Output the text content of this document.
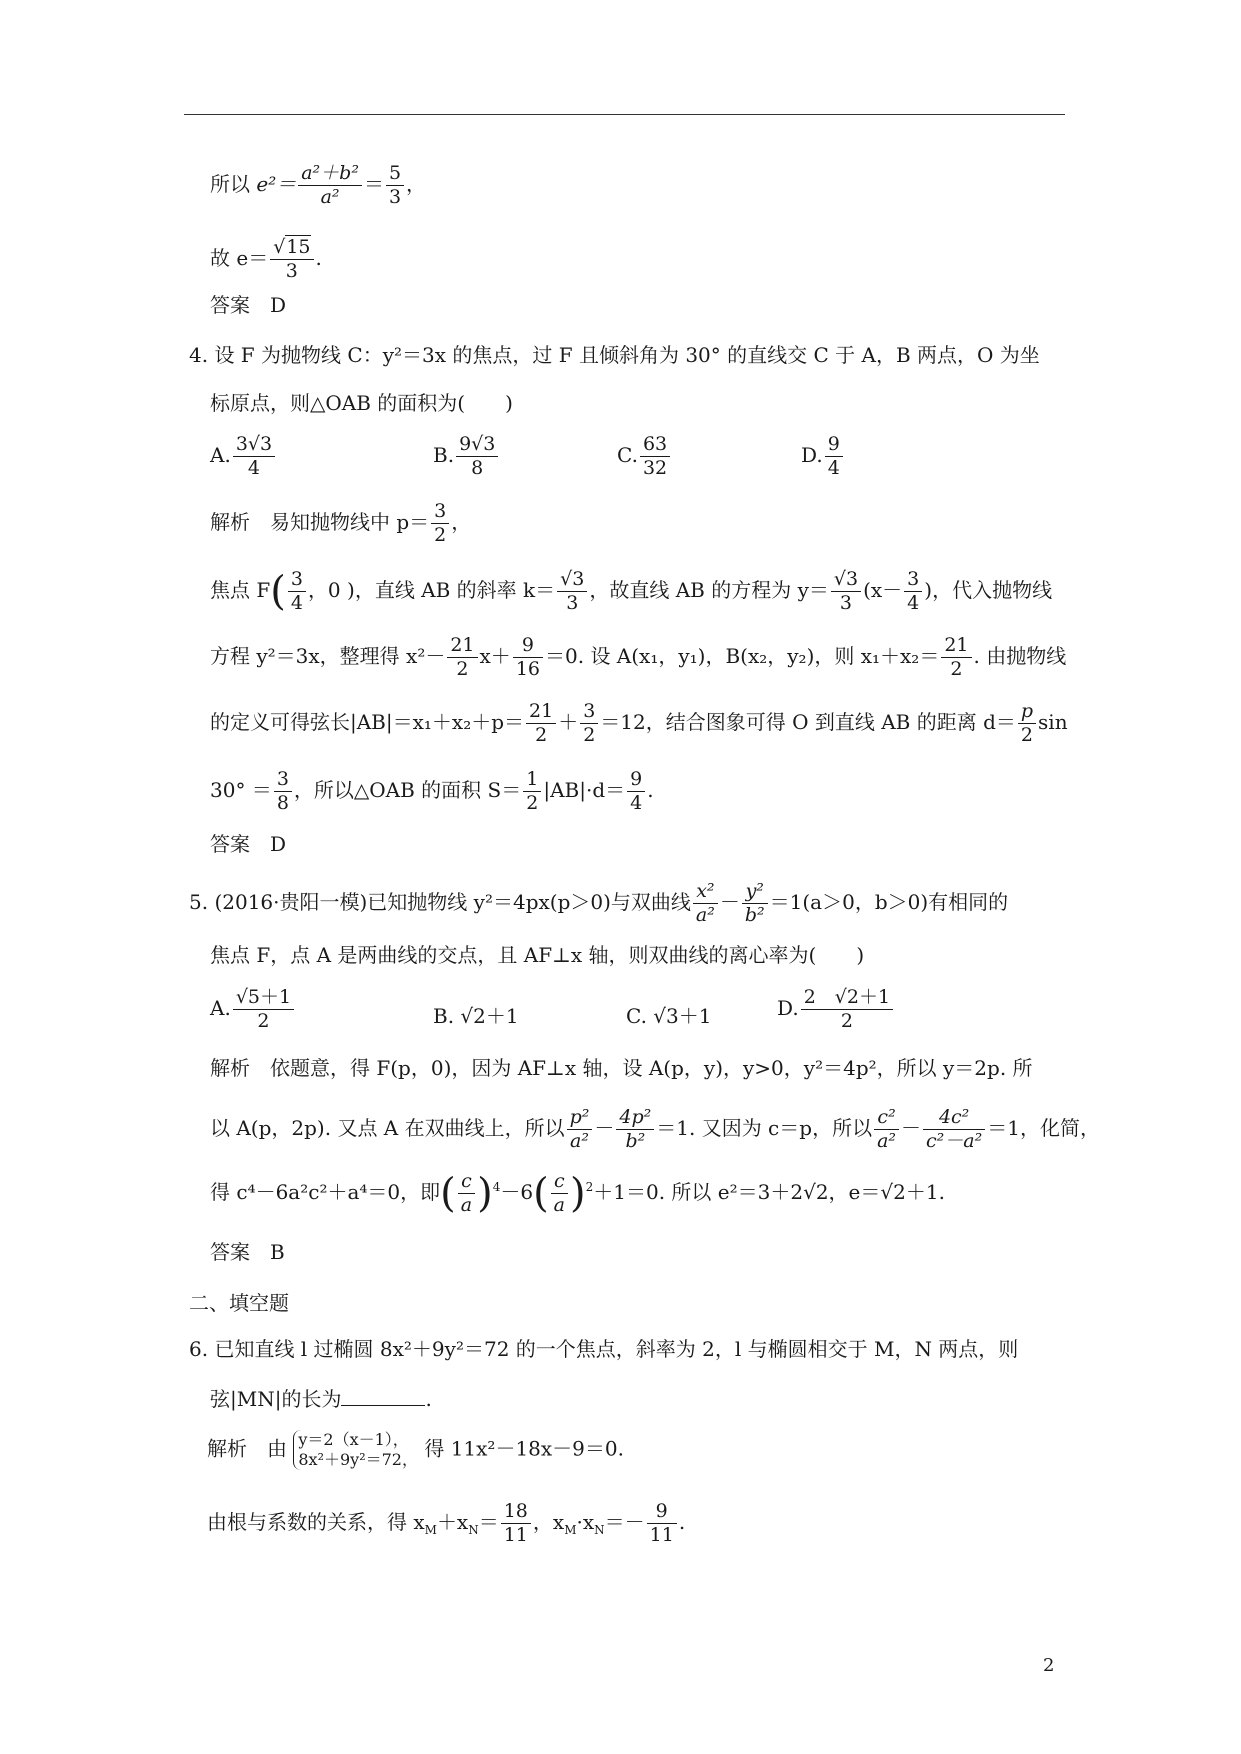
所以 $e^2= \frac{\text{a²＋b²}}{\text{a²}} = \frac{5}{3}$ ，
故 $e= \frac{√15}{3}$ .
答案　D
4. 设 F 为抛物线 C：y²＝3x 的焦点，过 F 且倾斜角为 30° 的直线交 C 于 A，B 两点，O 为坐
标原点，则△OAB 的面积为(　　)
A. $\frac{3√3}{4}$	B. $\frac{9√3}{8}$	C. $\frac{63}{32}$	D. $\frac{9}{4}$
解析　易知抛物线中 $p= \frac{3}{2}$ ，
焦点 $F( \frac{3}{4}$ ，0 )，直线 AB 的斜率 $k= \frac{√3}{3}$ ，故直线 AB 的方程为 $y= \frac{√3}{3} (x- \frac{3}{4}$ )，代入抛物线
方程 y²＝3x，整理得 $x^2- \frac{21}{2} x+ \frac{9}{16} =0$. 设 A(x₁，y₁)，B(x₂，y₂)，则 $x_1+x_2= \frac{21}{2}$ . 由抛物线
的定义可得弦长$|AB|=x_1+x_2+p= \frac{21}{2} + \frac{3}{2} =12$，结合图象可得 O 到直线 AB 的距离 $d= \frac{p}{2}$ sin
$30^\circ = \frac{3}{8}$ ，所以△OAB 的面积 $S= \frac{1}{2} |AB|\cdot d= \frac{9}{4}$ .
答案　D
5. (2016·贵阳一模)已知抛物线 y²＝4px(p＞0)与双曲线 $\frac{\text{x²}}{\text{a²}} - \frac{\text{y²}}{\text{b²}} =1(a>0$，b＞0)有相同的
焦点 F，点 A 是两曲线的交点，且 AF⊥x 轴，则双曲线的离心率为(　　)
A. $\frac{√5+1}{2}$	B. √2＋1	C. √3＋1	D. $\frac{2 √2+1}{2}$
解析　依题意，得 F(p，0)，因为 AF⊥x 轴，设 A(p，y)，y>0，y²＝4p²，所以 y＝2p. 所
以 A(p，2p). 又点 A 在双曲线上，所以 $\frac{\text{p²}}{\text{a²}} - \frac{\text{4p²}}{\text{b²}} =1$. 又因为 c＝p，所以 $\frac{\text{c²}}{\text{a²}} - \frac{\text{4c²}}{\text{c²－a²}} =1$，化简，
得 c⁴－6a²c²＋a⁴＝0，即( $\frac{c}{a} )^4-6( \frac{c}{a} )^2+1=0$. 所以 e²＝3＋2√2，e＝√2＋1.
答案　B
二、填空题
6. 已知直线 l 过椭圆 8x²＋9y²＝72 的一个焦点，斜率为 2，l 与椭圆相交于 M，N 两点，则
弦|MN|的长为	.
解析　由 y＝2（x－1），
8x²＋9y²＝72， 得 11x²－18x－9＝0.
由根与系数的关系，得 $x_M+x_N= \frac{18}{11}$ ，$x_M\cdot x_N=- \frac{9}{11}$ .
2
